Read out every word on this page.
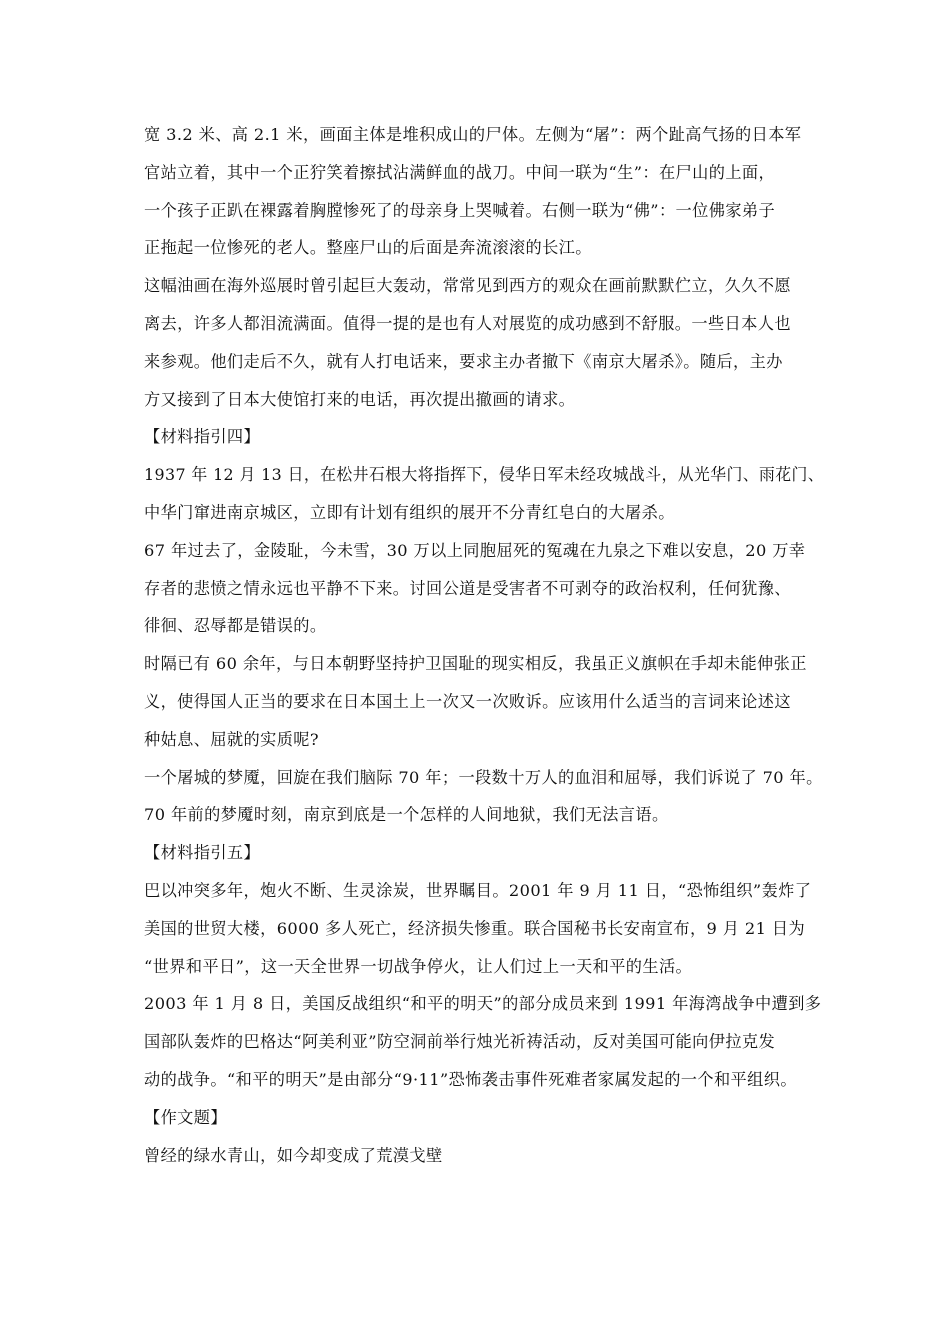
宽 3.2 米、高 2.1 米，画面主体是堆积成山的尸体。左侧为“屠”：两个趾高气扬的日本军
官站立着，其中一个正狞笑着擦拭沾满鲜血的战刀。中间一联为“生”：在尸山的上面，
一个孩子正趴在裸露着胸膛惨死了的母亲身上哭喊着。右侧一联为“佛”：一位佛家弟子
正拖起一位惨死的老人。整座尸山的后面是奔流滚滚的长江。

这幅油画在海外巡展时曾引起巨大轰动，常常见到西方的观众在画前默默伫立，久久不愿
离去，许多人都泪流满面。值得一提的是也有人对展览的成功感到不舒服。一些日本人也
来参观。他们走后不久，就有人打电话来，要求主办者撤下《南京大屠杀》。随后，主办
方又接到了日本大使馆打来的电话，再次提出撤画的请求。

【材料指引四】

1937 年 12 月 13 日，在松井石根大将指挥下，侵华日军未经攻城战斗，从光华门、雨花门、
中华门窜进南京城区，立即有计划有组织的展开不分青红皂白的大屠杀。

67 年过去了，金陵耻，今未雪，30 万以上同胞屈死的冤魂在九泉之下难以安息，20 万幸
存者的悲愤之情永远也平静不下来。讨回公道是受害者不可剥夺的政治权利，任何犹豫、
徘徊、忍辱都是错误的。

时隔已有 60 余年，与日本朝野坚持护卫国耻的现实相反，我虽正义旗帜在手却未能伸张正
义，使得国人正当的要求在日本国土上一次又一次败诉。应该用什么适当的言词来论述这
种姑息、屈就的实质呢?

一个屠城的梦魇，回旋在我们脑际 70 年；一段数十万人的血泪和屈辱，我们诉说了 70 年。
70 年前的梦魇时刻，南京到底是一个怎样的人间地狱，我们无法言语。

【材料指引五】

巴以冲突多年，炮火不断、生灵涂炭，世界瞩目。2001 年 9 月 11 日，“恐怖组织”轰炸了
美国的世贸大楼，6000 多人死亡，经济损失惨重。联合国秘书长安南宣布，9 月 21 日为
“世界和平日”，这一天全世界一切战争停火，让人们过上一天和平的生活。

2003 年 1 月 8 日，美国反战组织“和平的明天”的部分成员来到 1991 年海湾战争中遭到多
国部队轰炸的巴格达“阿美利亚”防空洞前举行烛光祈祷活动，反对美国可能向伊拉克发
动的战争。“和平的明天”是由部分“9·11”恐怖袭击事件死难者家属发起的一个和平组织。

【作文题】

曾经的绿水青山，如今却变成了荒漠戈壁
